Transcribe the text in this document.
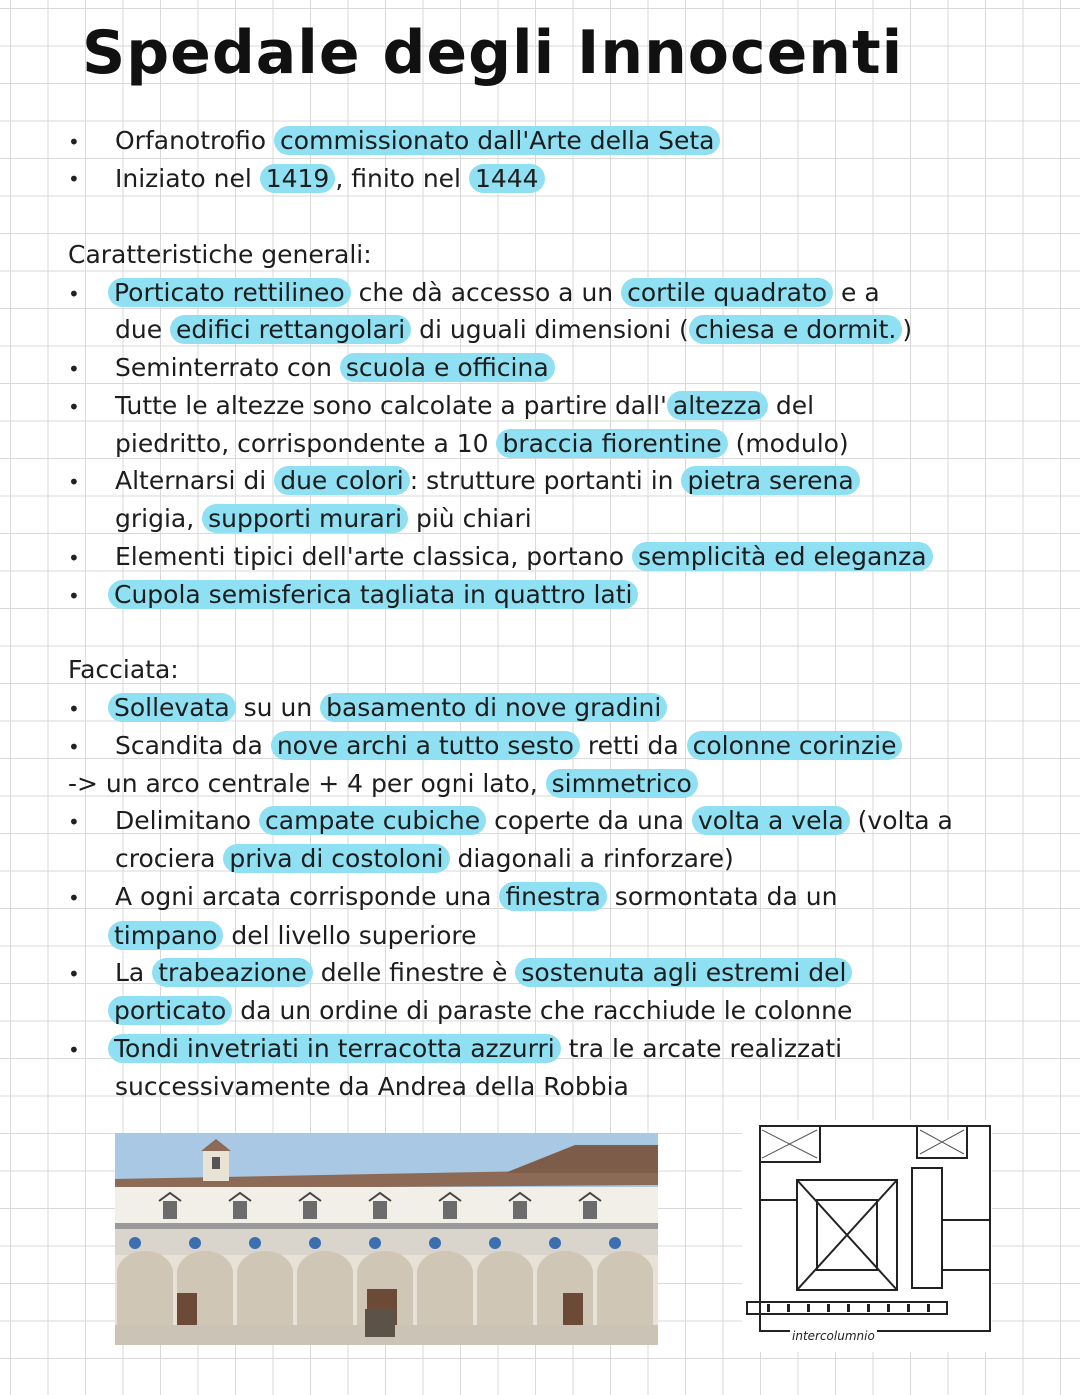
Spedale degli Innocenti
• Orfanotrofio commissionato dall'Arte della Seta
• Iniziato nel 1419 , finito nel 1444
Caratteristiche generali:
• Porticato rettilineo che dà accesso a un cortile quadrato e a
due edifici rettangolari di uguali dimensioni ( chiesa e dormit. )
• Seminterrato con scuola e officina
• Tutte le altezze sono calcolate a partire dall' altezza del
piedritto, corrispondente a 10 braccia fiorentine (modulo)
• Alternarsi di due colori : strutture portanti in pietra serena
grigia, supporti murari più chiari
• Elementi tipici dell'arte classica, portano semplicità ed eleganza
• Cupola semisferica tagliata in quattro lati
Facciata:
• Sollevata su un basamento di nove gradini
• Scandita da nove archi a tutto sesto retti da colonne corinzie
-> un arco centrale + 4 per ogni lato, simmetrico
• Delimitano campate cubiche coperte da una volta a vela (volta a
crociera priva di costoloni diagonali a rinforzare)
• A ogni arcata corrisponde una finestra sormontata da un
timpano del livello superiore
• La trabeazione delle finestre è sostenuta agli estremi del
porticato da un ordine di paraste che racchiude le colonne
• Tondi invetriati in terracotta azzurri tra le arcate realizzati
successivamente da Andrea della Robbia
intercolumnio
